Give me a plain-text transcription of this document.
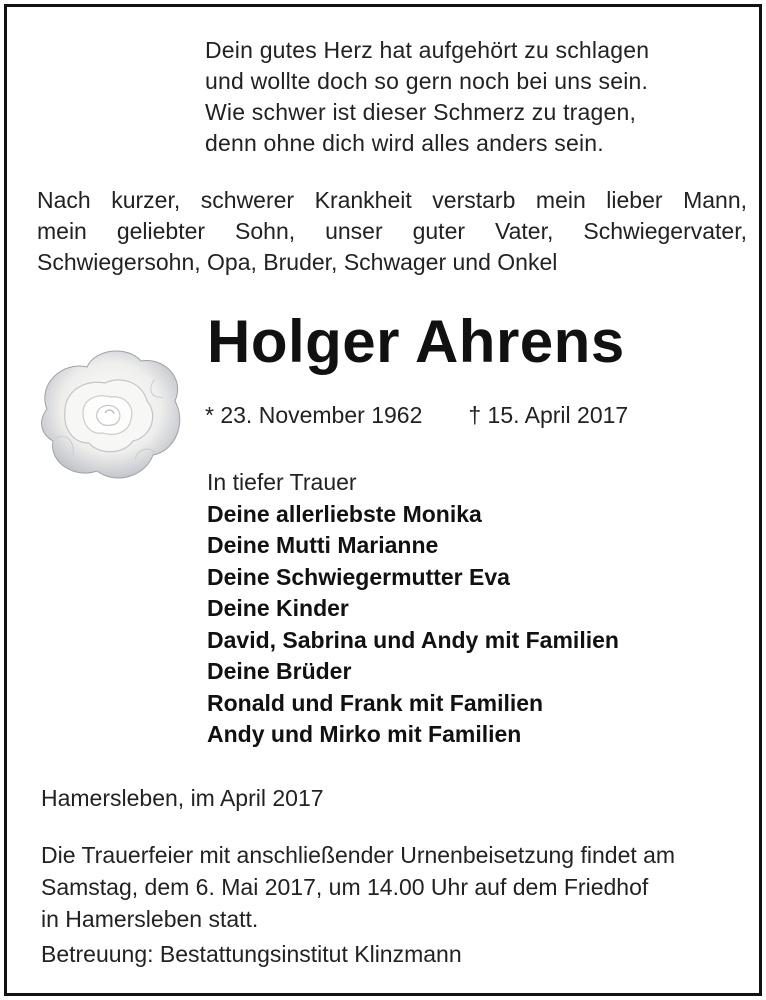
Dein gutes Herz hat aufgehört zu schlagen
und wollte doch so gern noch bei uns sein.
Wie schwer ist dieser Schmerz zu tragen,
denn ohne dich wird alles anders sein.
Nach kurzer, schwerer Krankheit verstarb mein lieber Mann,
mein geliebter Sohn, unser guter Vater, Schwiegervater,
Schwiegersohn, Opa, Bruder, Schwager und Onkel
Holger Ahrens
* 23. November 1962 † 15. April 2017
In tiefer Trauer
Deine allerliebste Monika
Deine Mutti Marianne
Deine Schwiegermutter Eva
Deine Kinder
David, Sabrina und Andy mit Familien
Deine Brüder
Ronald und Frank mit Familien
Andy und Mirko mit Familien
Hamersleben, im April 2017
Die Trauerfeier mit anschließender Urnenbeisetzung findet am
Samstag, dem 6. Mai 2017, um 14.00 Uhr auf dem Friedhof
in Hamersleben statt.
Betreuung: Bestattungsinstitut Klinzmann
